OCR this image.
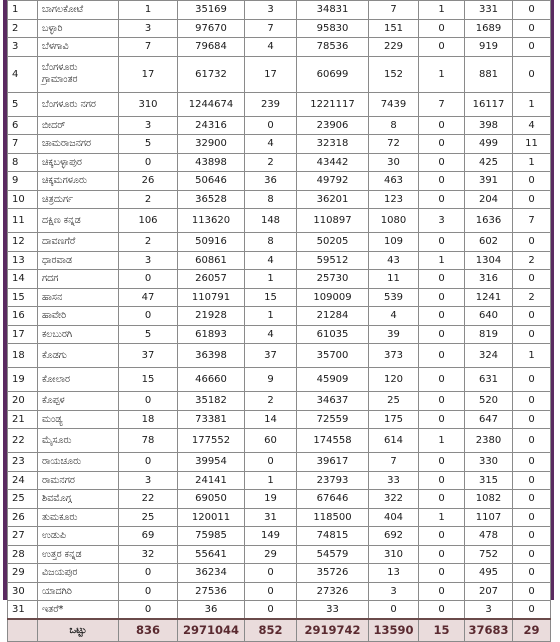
1	ಬಾಗಲಕೋಟೆ	1	35169	3	34831	7	1	331	0
2	ಬಳ್ಳಾರಿ	3	97670	7	95830	151	0	1689	0
3	ಬೆಳಗಾವಿ	7	79684	4	78536	229	0	919	0
4	ಬೆಂಗಳೂರು ಗ್ರಾಮಾಂತರ	17	61732	17	60699	152	1	881	0
5	ಬೆಂಗಳೂರು ನಗರ	310	1244674	239	1221117	7439	7	16117	1
6	ಬೀದರ್	3	24316	0	23906	8	0	398	4
7	ಚಾಮರಾಜನಗರ	5	32900	4	32318	72	0	499	11
8	ಚಿಕ್ಕಬಳ್ಳಾಪುರ	0	43898	2	43442	30	0	425	1
9	ಚಿಕ್ಕಮಗಳೂರು	26	50646	36	49792	463	0	391	0
10	ಚಿತ್ರದುರ್ಗ	2	36528	8	36201	123	0	204	0
11	ದಕ್ಷಿಣ ಕನ್ನಡ	106	113620	148	110897	1080	3	1636	7
12	ದಾವಣಗೆರೆ	2	50916	8	50205	109	0	602	0
13	ಧಾರವಾಡ	3	60861	4	59512	43	1	1304	2
14	ಗದಗ	0	26057	1	25730	11	0	316	0
15	ಹಾಸನ	47	110791	15	109009	539	0	1241	2
16	ಹಾವೇರಿ	0	21928	1	21284	4	0	640	0
17	ಕಲಬುರಗಿ	5	61893	4	61035	39	0	819	0
18	ಕೊಡಗು	37	36398	37	35700	373	0	324	1
19	ಕೋಲಾರ	15	46660	9	45909	120	0	631	0
20	ಕೊಪ್ಪಳ	0	35182	2	34637	25	0	520	0
21	ಮಂಡ್ಯ	18	73381	14	72559	175	0	647	0
22	ಮೈಸೂರು	78	177552	60	174558	614	1	2380	0
23	ರಾಯಚೂರು	0	39954	0	39617	7	0	330	0
24	ರಾಮನಗರ	3	24141	1	23793	33	0	315	0
25	ಶಿವಮೊಗ್ಗ	22	69050	19	67646	322	0	1082	0
26	ತುಮಕೂರು	25	120011	31	118500	404	1	1107	0
27	ಉಡುಪಿ	69	75985	149	74815	692	0	478	0
28	ಉತ್ತರ ಕನ್ನಡ	32	55641	29	54579	310	0	752	0
29	ವಿಜಯಪುರ	0	36234	0	35726	13	0	495	0
30	ಯಾದಗಿರಿ	0	27536	0	27326	3	0	207	0
31	ಇತರೆ*	0	36	0	33	0	0	3	0
	ಒಟ್ಟು	836	2971044	852	2919742	13590	15	37683	29
